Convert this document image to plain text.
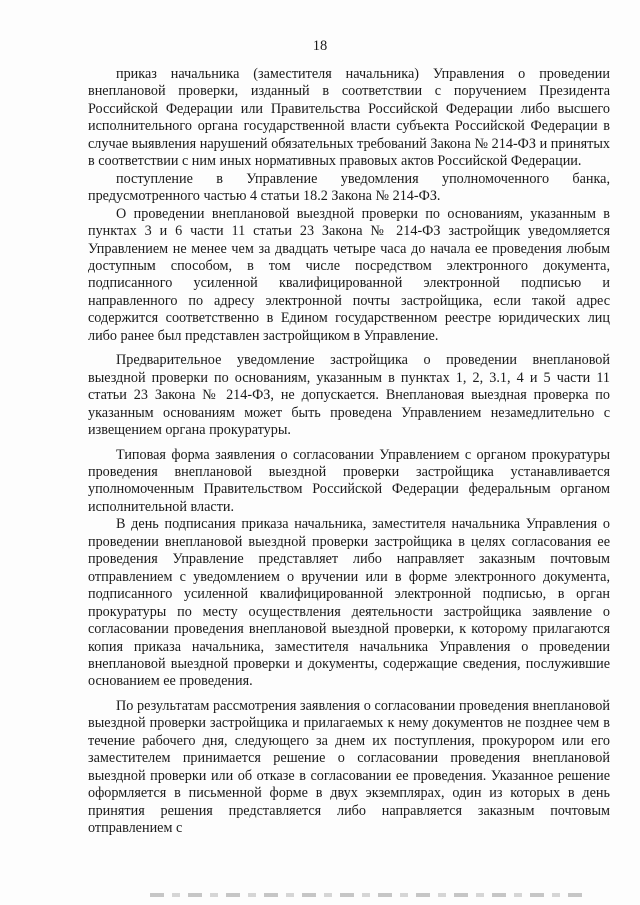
18

приказ начальника (заместителя начальника) Управления о проведении внеплановой проверки, изданный в соответствии с поручением Президента Российской Федерации или Правительства Российской Федерации либо высшего исполнительного органа государственной власти субъекта Российской Федерации в случае выявления нарушений обязательных требований Закона № 214-ФЗ и принятых в соответствии с ним иных нормативных правовых актов Российской Федерации.

поступление в Управление уведомления уполномоченного банка, предусмотренного частью 4 статьи 18.2 Закона № 214-ФЗ.

О проведении внеплановой выездной проверки по основаниям, указанным в пунктах 3 и 6 части 11 статьи 23 Закона № 214-ФЗ застройщик уведомляется Управлением не менее чем за двадцать четыре часа до начала ее проведения любым доступным способом, в том числе посредством электронного документа, подписанного усиленной квалифицированной электронной подписью и направленного по адресу электронной почты застройщика, если такой адрес содержится соответственно в Едином государственном реестре юридических лиц либо ранее был представлен застройщиком в Управление.

Предварительное уведомление застройщика о проведении внеплановой выездной проверки по основаниям, указанным в пунктах 1, 2, 3.1, 4 и 5 части 11 статьи 23 Закона № 214-ФЗ, не допускается. Внеплановая выездная проверка по указанным основаниям может быть проведена Управлением незамедлительно с извещением органа прокуратуры.

Типовая форма заявления о согласовании Управлением с органом прокуратуры проведения внеплановой выездной проверки застройщика устанавливается уполномоченным Правительством Российской Федерации федеральным органом исполнительной власти.

В день подписания приказа начальника, заместителя начальника Управления о проведении внеплановой выездной проверки застройщика в целях согласования ее проведения Управление представляет либо направляет заказным почтовым отправлением с уведомлением о вручении или в форме электронного документа, подписанного усиленной квалифицированной электронной подписью, в орган прокуратуры по месту осуществления деятельности застройщика заявление о согласовании проведения внеплановой выездной проверки, к которому прилагаются копия приказа начальника, заместителя начальника Управления о проведении внеплановой выездной проверки и документы, содержащие сведения, послужившие основанием ее проведения.

По результатам рассмотрения заявления о согласовании проведения внеплановой выездной проверки застройщика и прилагаемых к нему документов не позднее чем в течение рабочего дня, следующего за днем их поступления, прокурором или его заместителем принимается решение о согласовании проведения внеплановой выездной проверки или об отказе в согласовании ее проведения. Указанное решение оформляется в письменной форме в двух экземплярах, один из которых в день принятия решения представляется либо направляется заказным почтовым отправлением с
